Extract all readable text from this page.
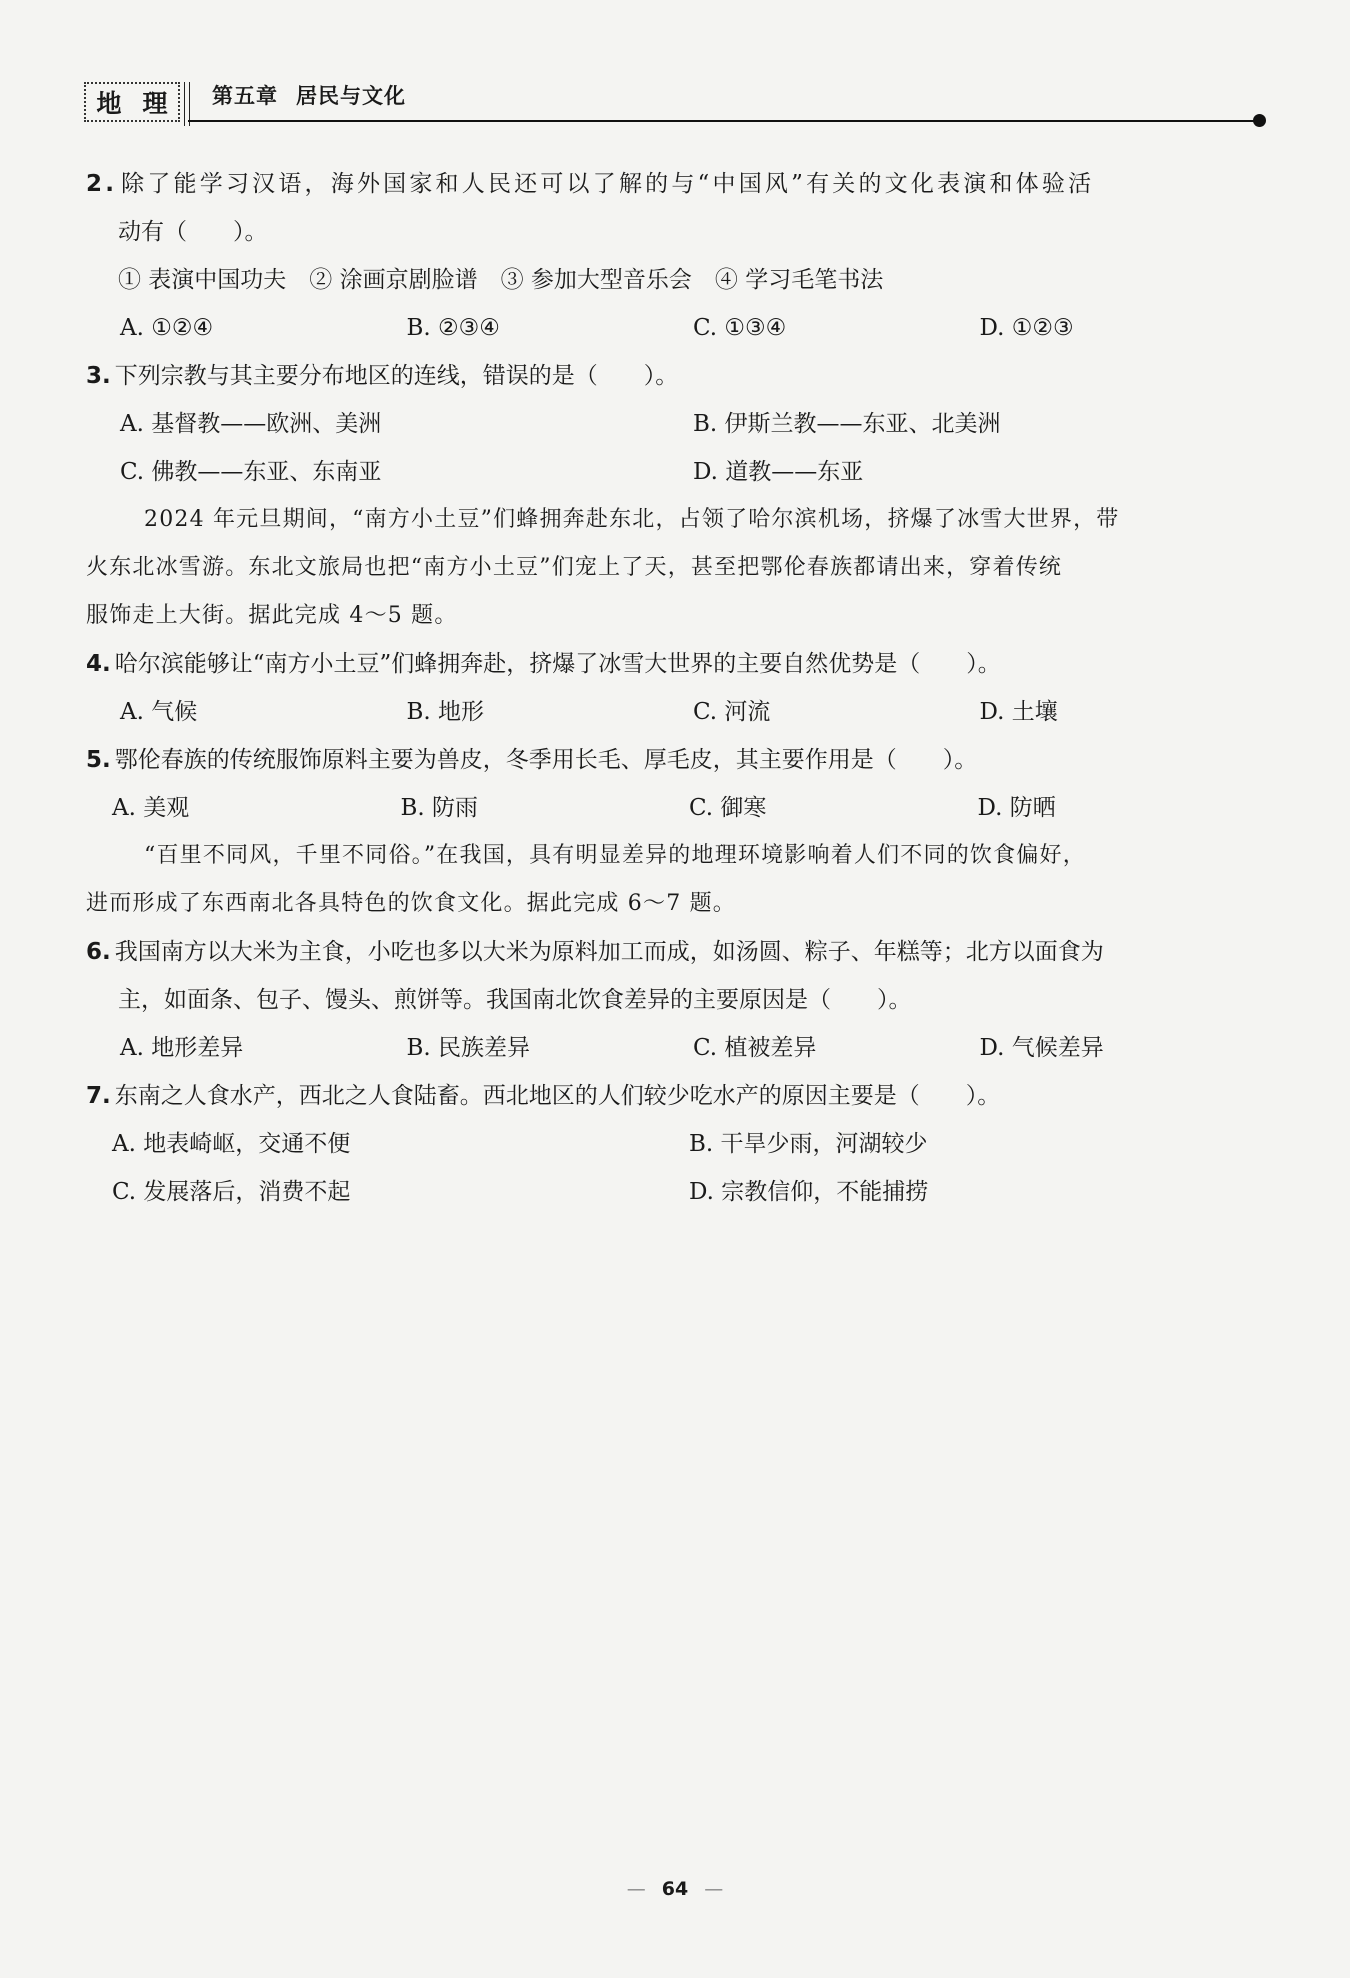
地 理 第五章 居民与文化
2. 除了能学习汉语，海外国家和人民还可以了解的与“中国风”有关的文化表演和体验活
动有（　　）。
① 表演中国功夫　② 涂画京剧脸谱　③ 参加大型音乐会　④ 学习毛笔书法
A. ①②④	B. ②③④	C. ①③④	D. ①②③
3. 下列宗教与其主要分布地区的连线，错误的是（　　）。
A. 基督教——欧洲、美洲	B. 伊斯兰教——东亚、北美洲
C. 佛教——东亚、东南亚	D. 道教——东亚
2024 年元旦期间，“南方小土豆”们蜂拥奔赴东北，占领了哈尔滨机场，挤爆了冰雪大世界，带
火东北冰雪游。东北文旅局也把“南方小土豆”们宠上了天，甚至把鄂伦春族都请出来，穿着传统
服饰走上大街。据此完成 4～5 题。
4. 哈尔滨能够让“南方小土豆”们蜂拥奔赴，挤爆了冰雪大世界的主要自然优势是（　　）。
A. 气候	B. 地形	C. 河流	D. 土壤
5. 鄂伦春族的传统服饰原料主要为兽皮，冬季用长毛、厚毛皮，其主要作用是（　　）。
A. 美观	B. 防雨	C. 御寒	D. 防晒
“百里不同风，千里不同俗。”在我国，具有明显差异的地理环境影响着人们不同的饮食偏好，
进而形成了东西南北各具特色的饮食文化。据此完成 6～7 题。
6. 我国南方以大米为主食，小吃也多以大米为原料加工而成，如汤圆、粽子、年糕等；北方以面食为
主，如面条、包子、馒头、煎饼等。我国南北饮食差异的主要原因是（　　）。
A. 地形差异	B. 民族差异	C. 植被差异	D. 气候差异
7. 东南之人食水产，西北之人食陆畜。西北地区的人们较少吃水产的原因主要是（　　）。
A. 地表崎岖，交通不便	B. 干旱少雨，河湖较少
C. 发展落后，消费不起	D. 宗教信仰，不能捕捞
— 64 —
